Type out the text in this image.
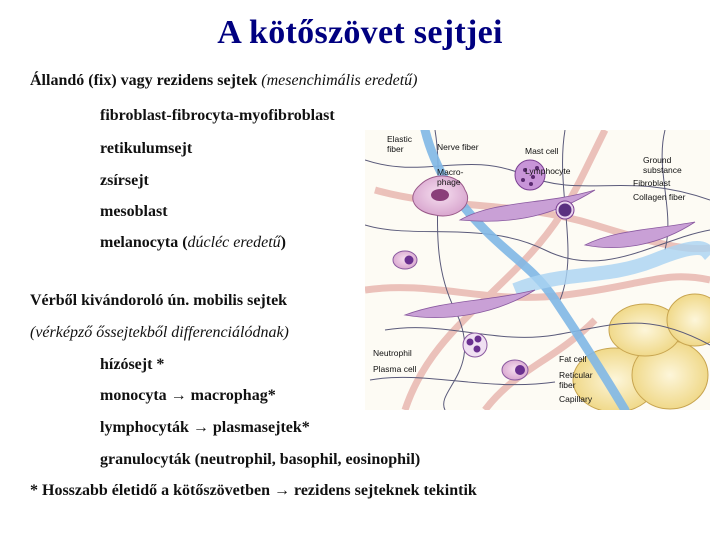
A kötőszövet sejtjei
Állandó (fix) vagy rezidens sejtek (mesenchimális eredetű)
fibroblast-fibrocyta-myofibroblast
retikulumsejt
zsírsejt
mesoblast
melanocyta (dúcléc eredetű)
Vérből kivándoroló ún. mobilis sejtek
(vérképző őssejtekből differenciálódnak)
hízósejt *
monocyta → macrophag*
lymphocyták → plasmasejtek*
granulocyták (neutrophil, basophil, eosinophil)
* Hosszabb életidő a kötőszövetben → rezidens sejteknek tekintik
Elastic
fiber	Nerve fiber
Macro-
phage
Mast cell
Lymphocyte
Ground
substance
Fibroblast
Collagen fiber
Neutrophil
Plasma cell
Fat cell
Reticular
fiber
Capillary
